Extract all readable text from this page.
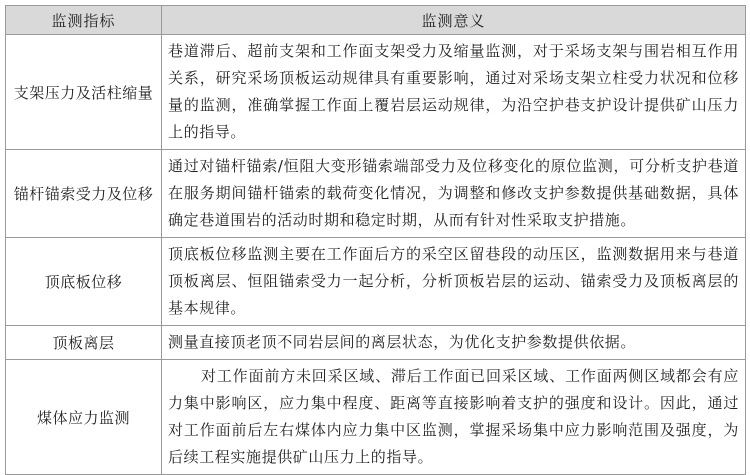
监测指标	监测意义
支架压力及活柱缩量	巷道滞后、超前支架和工作面支架受力及缩量监测，对于采场支架与围岩相互作用关系，研究采场顶板运动规律具有重要影响，通过对采场支架立柱受力状况和位移量的监测，准确掌握工作面上覆岩层运动规律，为沿空护巷支护设计提供矿山压力上的指导。
锚杆锚索受力及位移	通过对锚杆锚索/恒阻大变形锚索端部受力及位移变化的原位监测，可分析支护巷道在服务期间锚杆锚索的载荷变化情况，为调整和修改支护参数提供基础数据，具体确定巷道围岩的活动时期和稳定时期，从而有针对性采取支护措施。
顶底板位移	顶底板位移监测主要在工作面后方的采空区留巷段的动压区，监测数据用来与巷道顶板离层、恒阻锚索受力一起分析，分析顶板岩层的运动、锚索受力及顶板离层的基本规律。
顶板离层	测量直接顶老顶不同岩层间的离层状态，为优化支护参数提供依据。
煤体应力监测	对工作面前方未回采区域、滞后工作面已回采区域、工作面两侧区域都会有应力集中影响区，应力集中程度、距离等直接影响着支护的强度和设计。因此，通过对工作面前后左右煤体内应力集中区监测，掌握采场集中应力影响范围及强度，为后续工程实施提供矿山压力上的指导。
